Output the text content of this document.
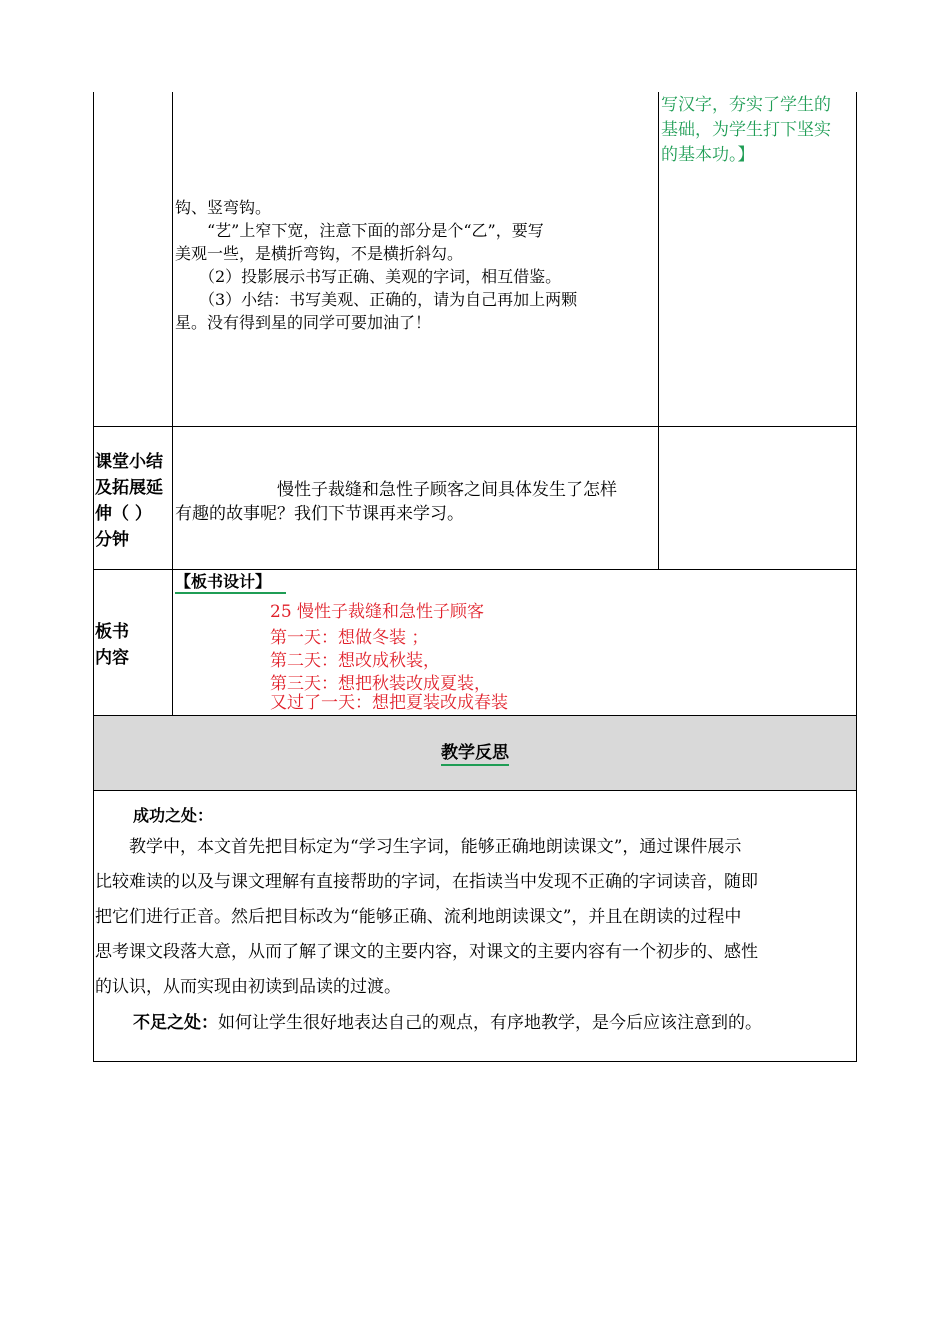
钩、竖弯钩。
　　“艺”上窄下宽，注意下面的部分是个“乙”，要写
美观一些，是横折弯钩，不是横折斜勾。
　　（2）投影展示书写正确、美观的字词，相互借鉴。
　　（3）小结：书写美观、正确的，请为自己再加上两颗
星。没有得到星的同学可要加油了！
写汉字，夯实了学生的
基础，为学生打下坚实
的基本功。】
课堂小结
及拓展延
伸（ ）
分钟
　　　　　　慢性子裁缝和急性子顾客之间具体发生了怎样
有趣的故事呢？我们下节课再来学习。
板书
内容
【板书设计】
25 慢性子裁缝和急性子顾客
第一天：想做冬装 ；
第二天：想改成秋装，
第三天：想把秋装改成夏装，
又过了一天：想把夏装改成春装
教学反思
成功之处：
　　教学中，本文首先把目标定为“学习生字词，能够正确地朗读课文”，通过课件展示
比较难读的以及与课文理解有直接帮助的字词，在指读当中发现不正确的字词读音，随即
把它们进行正音。然后把目标改为“能够正确、流利地朗读课文”，并且在朗读的过程中
思考课文段落大意，从而了解了课文的主要内容，对课文的主要内容有一个初步的、感性
的认识，从而实现由初读到品读的过渡。
不足之处：如何让学生很好地表达自己的观点，有序地教学，是今后应该注意到的。
